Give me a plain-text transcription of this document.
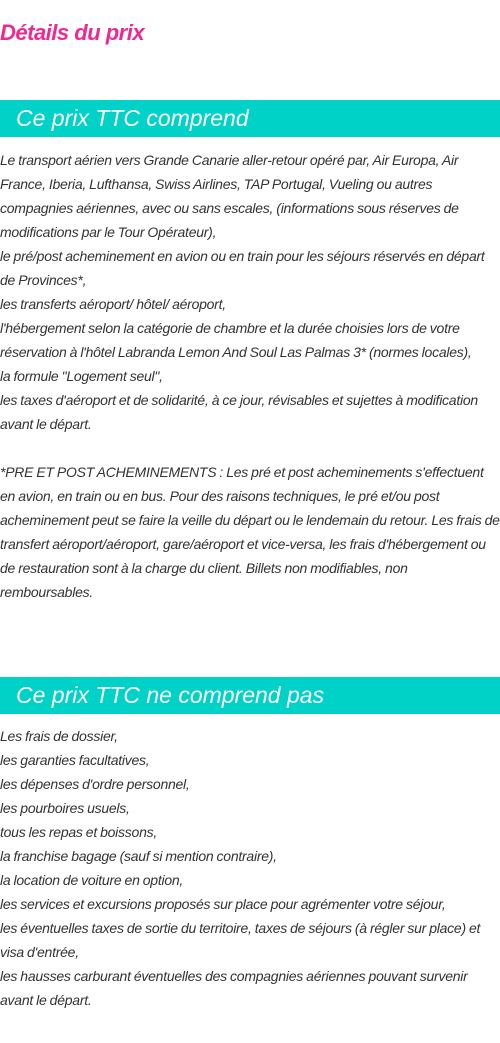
Détails du prix
Ce prix TTC comprend

Le transport aérien vers Grande Canarie aller-retour opéré par, Air Europa, Air France, Iberia, Lufthansa, Swiss Airlines, TAP Portugal, Vueling ou autres compagnies aériennes, avec ou sans escales, (informations sous réserves de modifications par le Tour Opérateur),
le pré/post acheminement en avion ou en train pour les séjours réservés en départ de Provinces*,
les transferts aéroport/ hôtel/ aéroport,
l'hébergement selon la catégorie de chambre et la durée choisies lors de votre réservation à l'hôtel Labranda Lemon And Soul Las Palmas 3* (normes locales),
la formule "Logement seul",
les taxes d'aéroport et de solidarité, à ce jour, révisables et sujettes à modification avant le départ.

*PRE ET POST ACHEMINEMENTS : Les pré et post acheminements s'effectuent en avion, en train ou en bus. Pour des raisons techniques, le pré et/ou post acheminement peut se faire la veille du départ ou le lendemain du retour. Les frais de transfert aéroport/aéroport, gare/aéroport et vice-versa, les frais d'hébergement ou de restauration sont à la charge du client. Billets non modifiables, non remboursables.

Ce prix TTC ne comprend pas

Les frais de dossier,
les garanties facultatives,
les dépenses d'ordre personnel,
les pourboires usuels,
tous les repas et boissons,
la franchise bagage (sauf si mention contraire),
la location de voiture en option,
les services et excursions proposés sur place pour agrémenter votre séjour,
les éventuelles taxes de sortie du territoire, taxes de séjours (à régler sur place) et visa d'entrée,
les hausses carburant éventuelles des compagnies aériennes pouvant survenir avant le départ.
